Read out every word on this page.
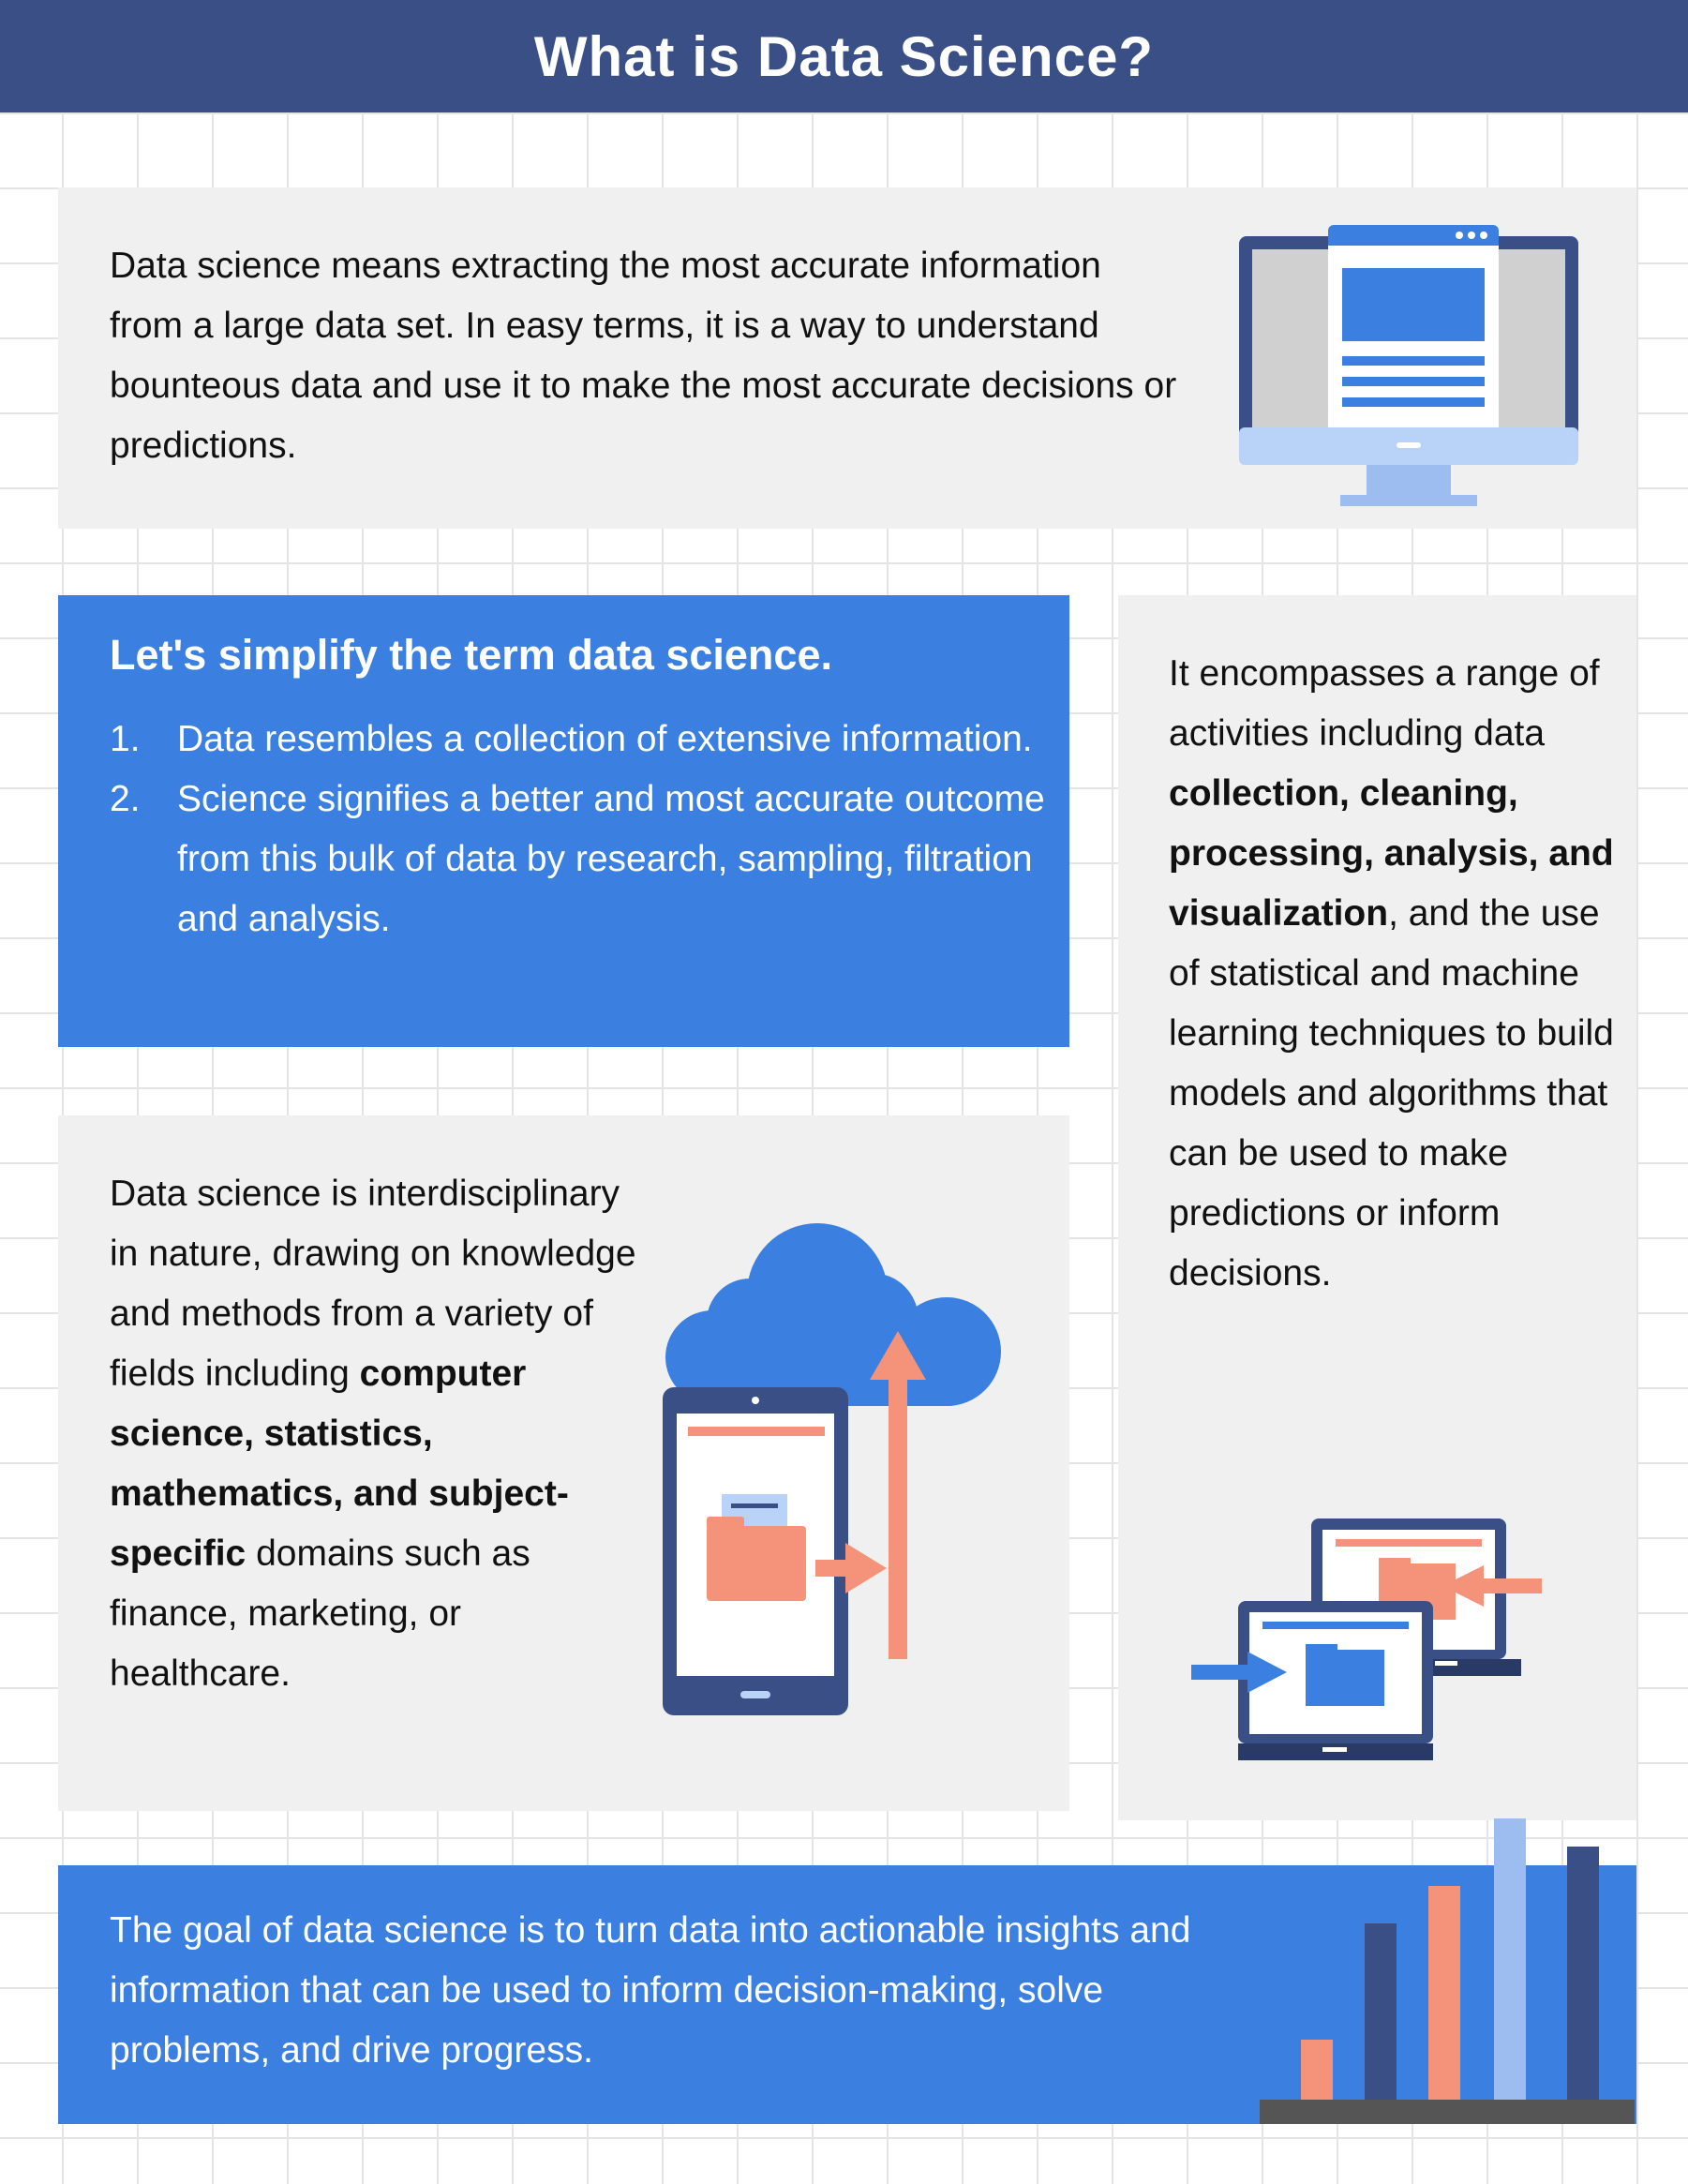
What is Data Science?

Data science means extracting the most accurate information from a large data set. In easy terms, it is a way to understand bounteous data and use it to make the most accurate decisions or predictions.

Let's simplify the term data science.
1.	Data resembles a collection of extensive information.
2.	Science signifies a better and most accurate outcome from this bulk of data by research, sampling, filtration and analysis.

It encompasses a range of activities including data collection, cleaning, processing, analysis, and visualization, and the use of statistical and machine learning techniques to build models and algorithms that can be used to make predictions or inform decisions.

Data science is interdisciplinary in nature, drawing on knowledge and methods from a variety of fields including computer science, statistics, mathematics, and subject-specific domains such as finance, marketing, or healthcare.

The goal of data science is to turn data into actionable insights and information that can be used to inform decision-making, solve problems, and drive progress.
